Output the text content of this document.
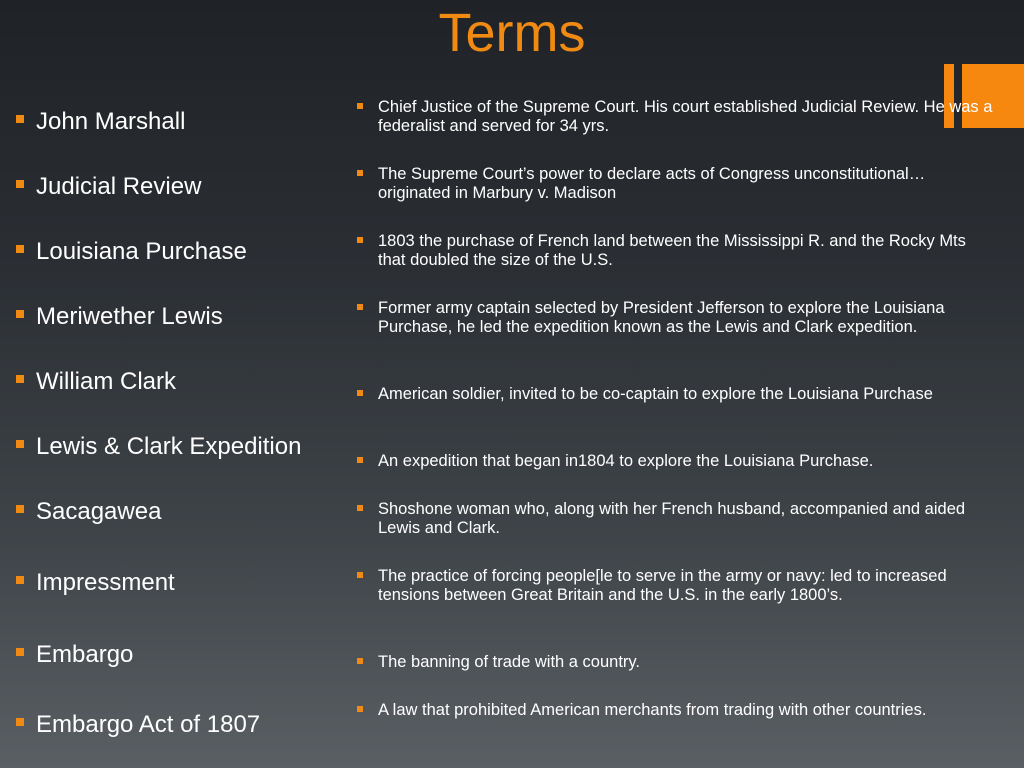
Terms
John Marshall
Judicial Review
Louisiana Purchase
Meriwether Lewis
William Clark
Lewis & Clark Expedition
Sacagawea
Impressment
Embargo
Embargo Act of 1807
Chief Justice of the Supreme Court. His court established Judicial Review. He was a federalist and served for 34 yrs.
The Supreme Court’s power to declare acts of Congress unconstitutional…originated in Marbury v. Madison
1803 the purchase of French land between the Mississippi R. and the Rocky Mts that doubled the size of the U.S.
Former army captain selected by President Jefferson to explore the Louisiana Purchase, he led the expedition known as the Lewis and Clark expedition.
American soldier, invited to be co-captain to explore the Louisiana Purchase
An expedition that began in1804 to explore the Louisiana Purchase.
Shoshone woman who, along with her French husband, accompanied and aided Lewis and Clark.
The practice of forcing people[le to serve in the army or navy: led to increased tensions between Great Britain and the U.S. in the early 1800’s.
The banning of trade with a country.
A law that prohibited American merchants from trading with other countries.
